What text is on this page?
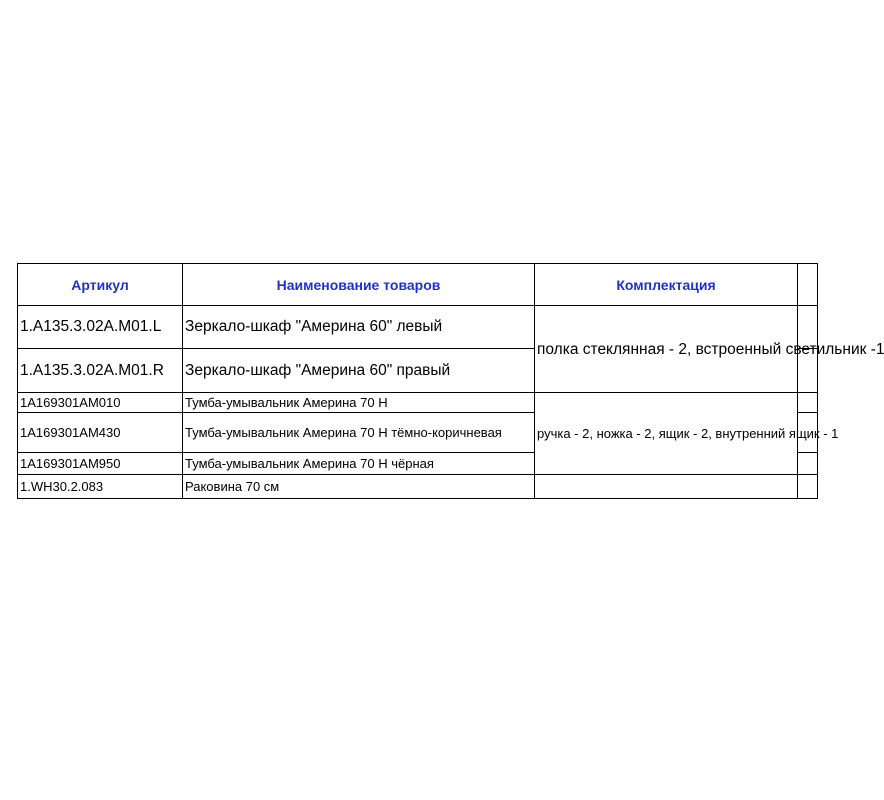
Артикул	Наименование товаров	Комплектация	
1.A135.3.02A.M01.L	Зеркало-шкаф "Америна 60" левый	полка стеклянная - 2, встроенный светильник -1	
1.A135.3.02A.M01.R	Зеркало-шкаф "Америна 60" правый		
1A169301AM010	Тумба-умывальник Америна 70 Н	ручка - 2, ножка - 2, ящик - 2, внутренний ящик - 1	
1A169301AM430	Тумба-умывальник Америна 70 Н тёмно-коричневая		
1A169301AM950	Тумба-умывальник Америна 70 Н чёрная		
1.WH30.2.083	Раковина 70 см		
